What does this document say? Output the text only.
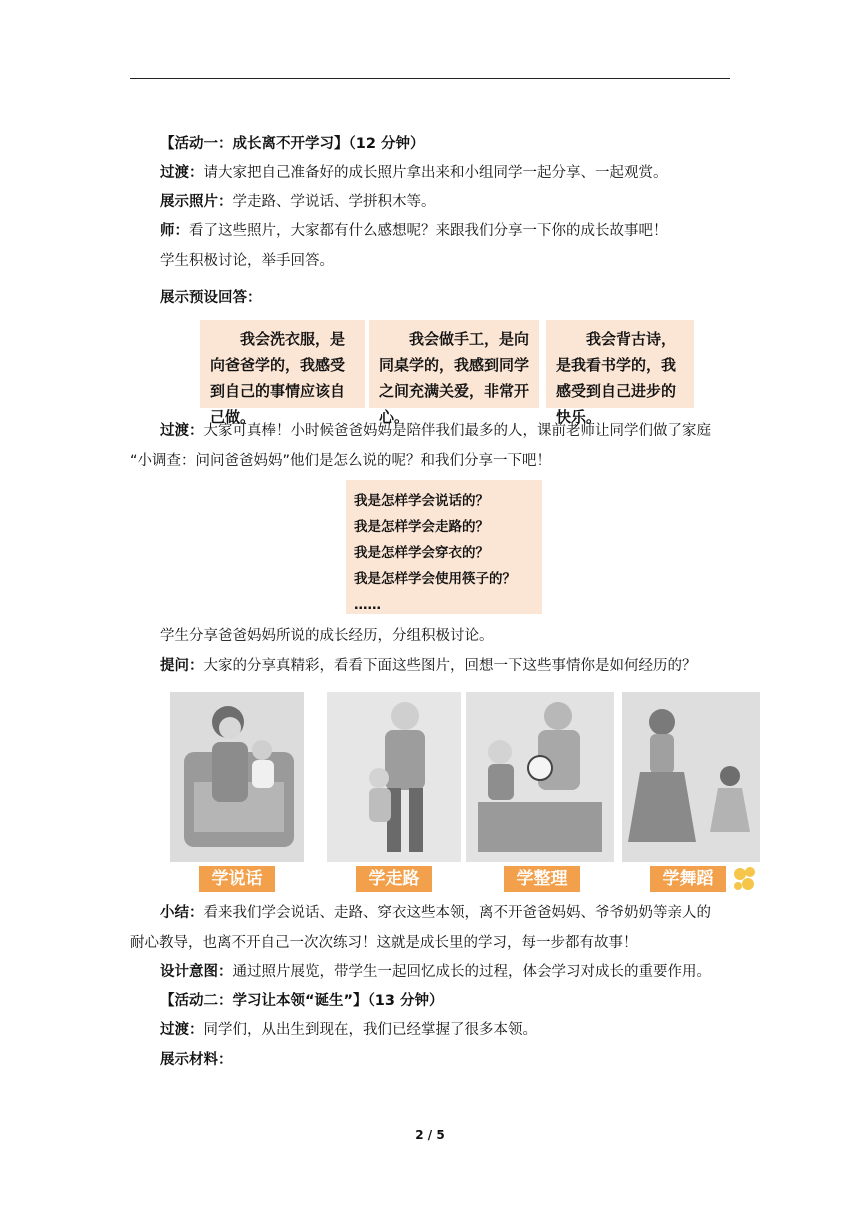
【活动一：成长离不开学习】（12 分钟）
过渡：请大家把自己准备好的成长照片拿出来和小组同学一起分享、一起观赏。
展示照片：学走路、学说话、学拼积木等。
师：看了这些照片，大家都有什么感想呢？来跟我们分享一下你的成长故事吧！
学生积极讨论，举手回答。
展示预设回答：
我会洗衣服，是向爸爸学的，我感受到自己的事情应该自己做。
我会做手工，是向同桌学的，我感到同学之间充满关爱，非常开心。
我会背古诗，是我看书学的，我感受到自己进步的快乐。
过渡：大家可真棒！小时候爸爸妈妈是陪伴我们最多的人，课前老师让同学们做了家庭
“小调查：问问爸爸妈妈”他们是怎么说的呢？和我们分享一下吧！
我是怎样学会说话的？
我是怎样学会走路的？
我是怎样学会穿衣的？
我是怎样学会使用筷子的？
……
学生分享爸爸妈妈所说的成长经历，分组积极讨论。
提问：大家的分享真精彩，看看下面这些图片，回想一下这些事情你是如何经历的？
学说话	学走路	学整理	学舞蹈
小结：看来我们学会说话、走路、穿衣这些本领，离不开爸爸妈妈、爷爷奶奶等亲人的
耐心教导，也离不开自己一次次练习！这就是成长里的学习，每一步都有故事！
设计意图：通过照片展览，带学生一起回忆成长的过程，体会学习对成长的重要作用。
【活动二：学习让本领“诞生”】（13 分钟）
过渡：同学们，从出生到现在，我们已经掌握了很多本领。
展示材料：
2 / 5
